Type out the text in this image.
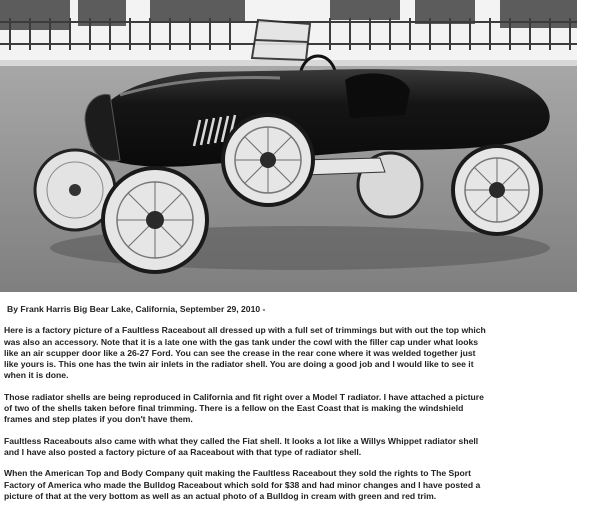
By Frank Harris Big Bear Lake, California, September 29, 2010 -

Here is a factory picture of a Faultless Raceabout all dressed up with a full set of trimmings but with out the top which
was also an accessory. Note that it is a late one with the gas tank under the cowl with the filler cap under what looks
like an air scupper door like a 26-27 Ford. You can see the crease in the rear cone where it was welded together just
like yours is. This one has the twin air inlets in the radiator shell. You are doing a good job and I would like to see it
when it is done.

Those radiator shells are being reproduced in California and fit right over a Model T radiator. I have attached a picture
of two of the shells taken before final trimming. There is a fellow on the East Coast that is making the windshield
frames and step plates if you don't have them.

Faultless Raceabouts also came with what they called the Fiat shell. It looks a lot like a Willys Whippet radiator shell
and I have also posted a factory picture of aa Raceabout with that type of radiator shell.

When the American Top and Body Company quit making the Faultless Raceabout they sold the rights to The Sport
Factory of America who made the Bulldog Raceabout which sold for $38 and had minor changes and I have posted a
picture of that at the very bottom as well as an actual photo of a Bulldog in cream with green and red trim.
